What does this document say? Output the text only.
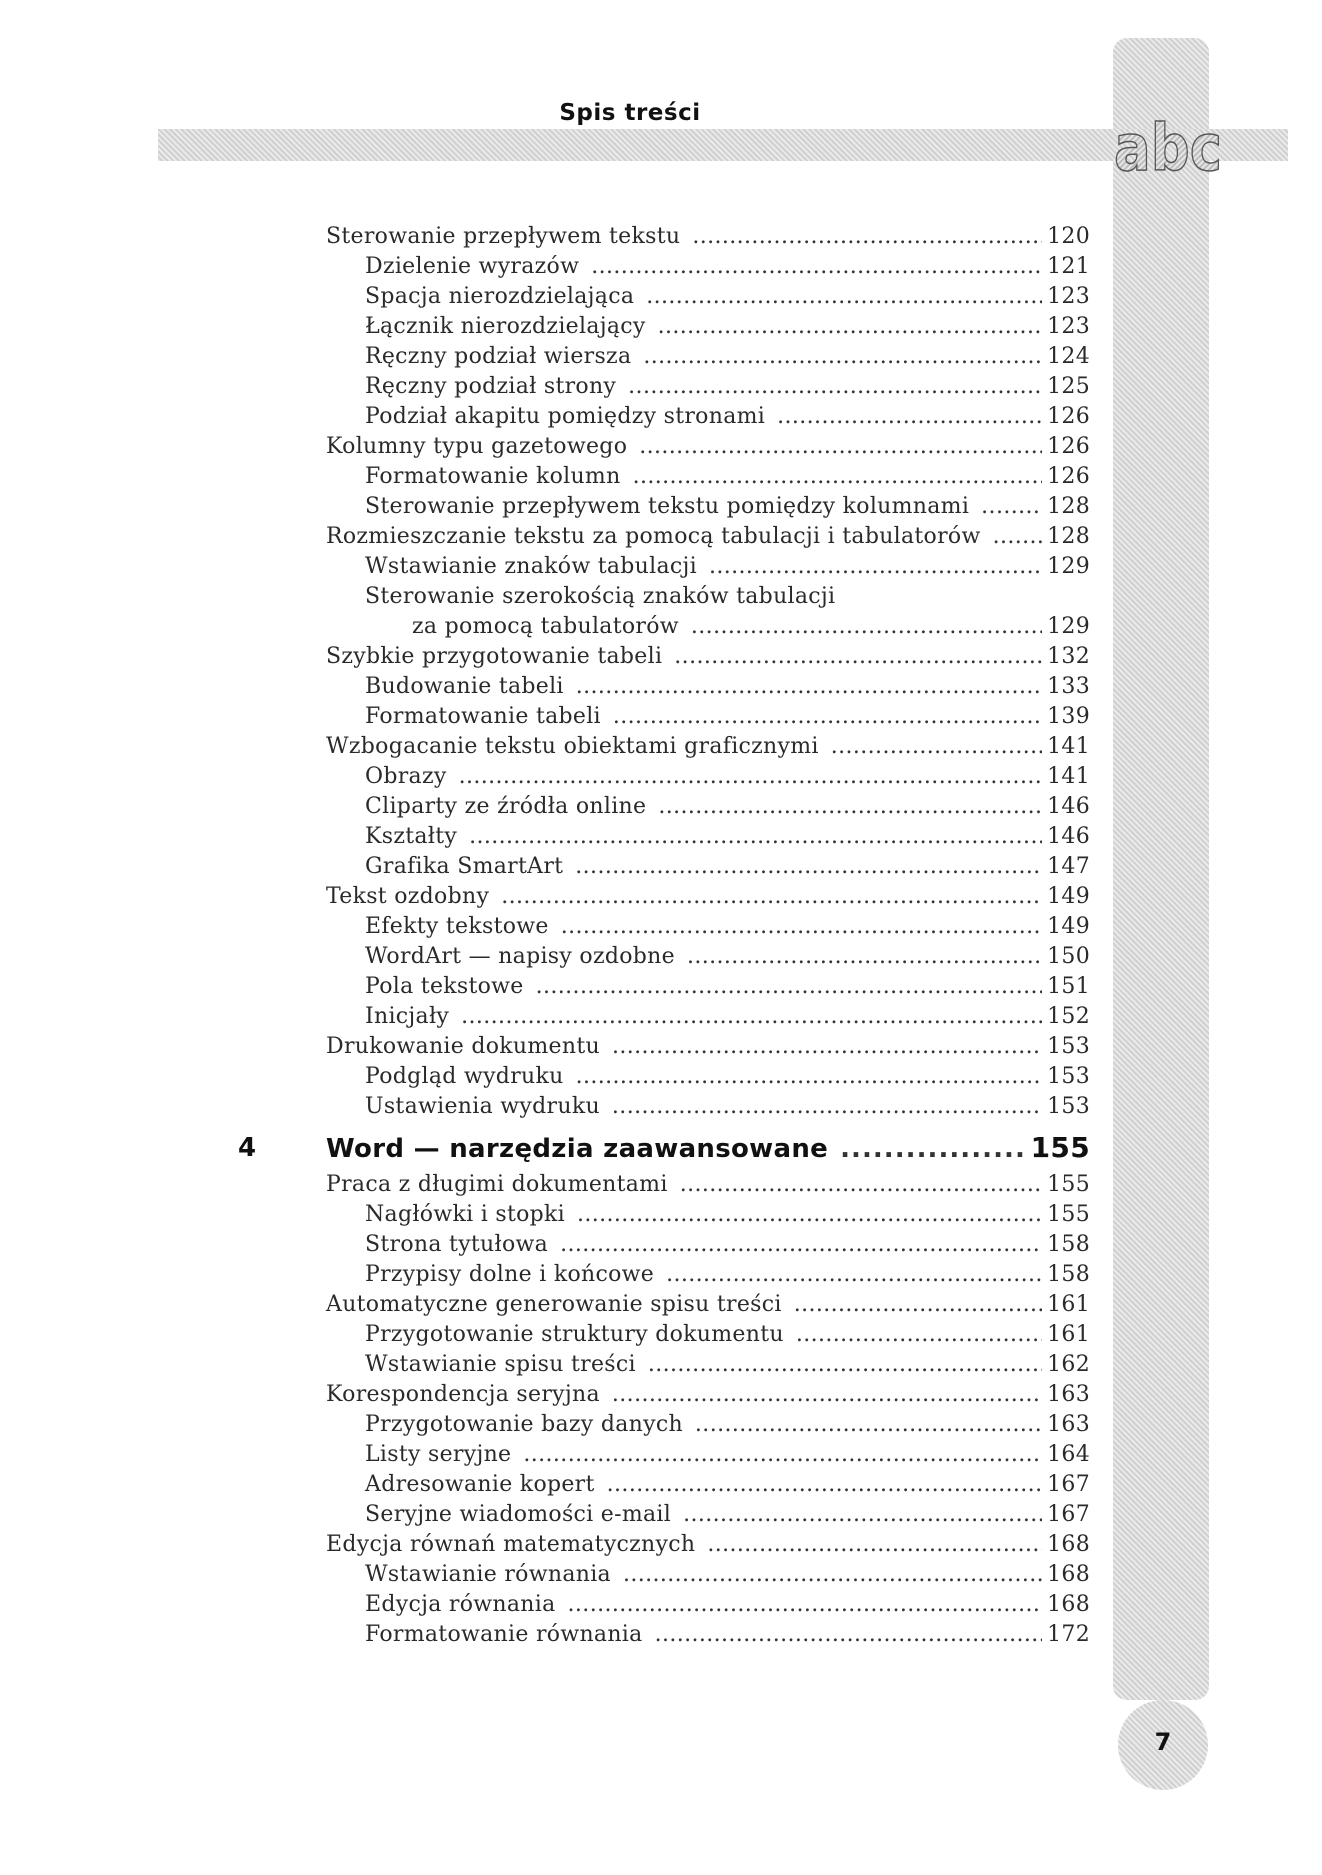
Spis treści	abc
Sterowanie przepływem tekstu . . .	120
Dzielenie wyrazów . . .	121
Spacja nierozdzielająca . . .	123
Łącznik nierozdzielający . . .	123
Ręczny podział wiersza . . .	124
Ręczny podział strony . . .	125
Podział akapitu pomiędzy stronami . . .	126
Kolumny typu gazetowego . . .	126
Formatowanie kolumn . . .	126
Sterowanie przepływem tekstu pomiędzy kolumnami . . .	128
Rozmieszczanie tekstu za pomocą tabulacji i tabulatorów . . .	128
Wstawianie znaków tabulacji . . .	129
Sterowanie szerokością znaków tabulacji
za pomocą tabulatorów . . .	129
Szybkie przygotowanie tabeli . . .	132
Budowanie tabeli . . .	133
Formatowanie tabeli . . .	139
Wzbogacanie tekstu obiektami graficznymi . . .	141
Obrazy . . .	141
Cliparty ze źródła online . . .	146
Kształty . . .	146
Grafika SmartArt . . .	147
Tekst ozdobny . . .	149
Efekty tekstowe . . .	149
WordArt — napisy ozdobne . . .	150
Pola tekstowe . . .	151
Inicjały . . .	152
Drukowanie dokumentu . . .	153
Podgląd wydruku . . .	153
Ustawienia wydruku . . .	153
4	Word — narzędzia zaawansowane . . .	155
Praca z długimi dokumentami . . .	155
Nagłówki i stopki . . .	155
Strona tytułowa . . .	158
Przypisy dolne i końcowe . . .	158
Automatyczne generowanie spisu treści . . .	161
Przygotowanie struktury dokumentu . . .	161
Wstawianie spisu treści . . .	162
Korespondencja seryjna . . .	163
Przygotowanie bazy danych . . .	163
Listy seryjne . . .	164
Adresowanie kopert . . .	167
Seryjne wiadomości e-mail . . .	167
Edycja równań matematycznych . . .	168
Wstawianie równania . . .	168
Edycja równania . . .	168
Formatowanie równania . . .	172
7
